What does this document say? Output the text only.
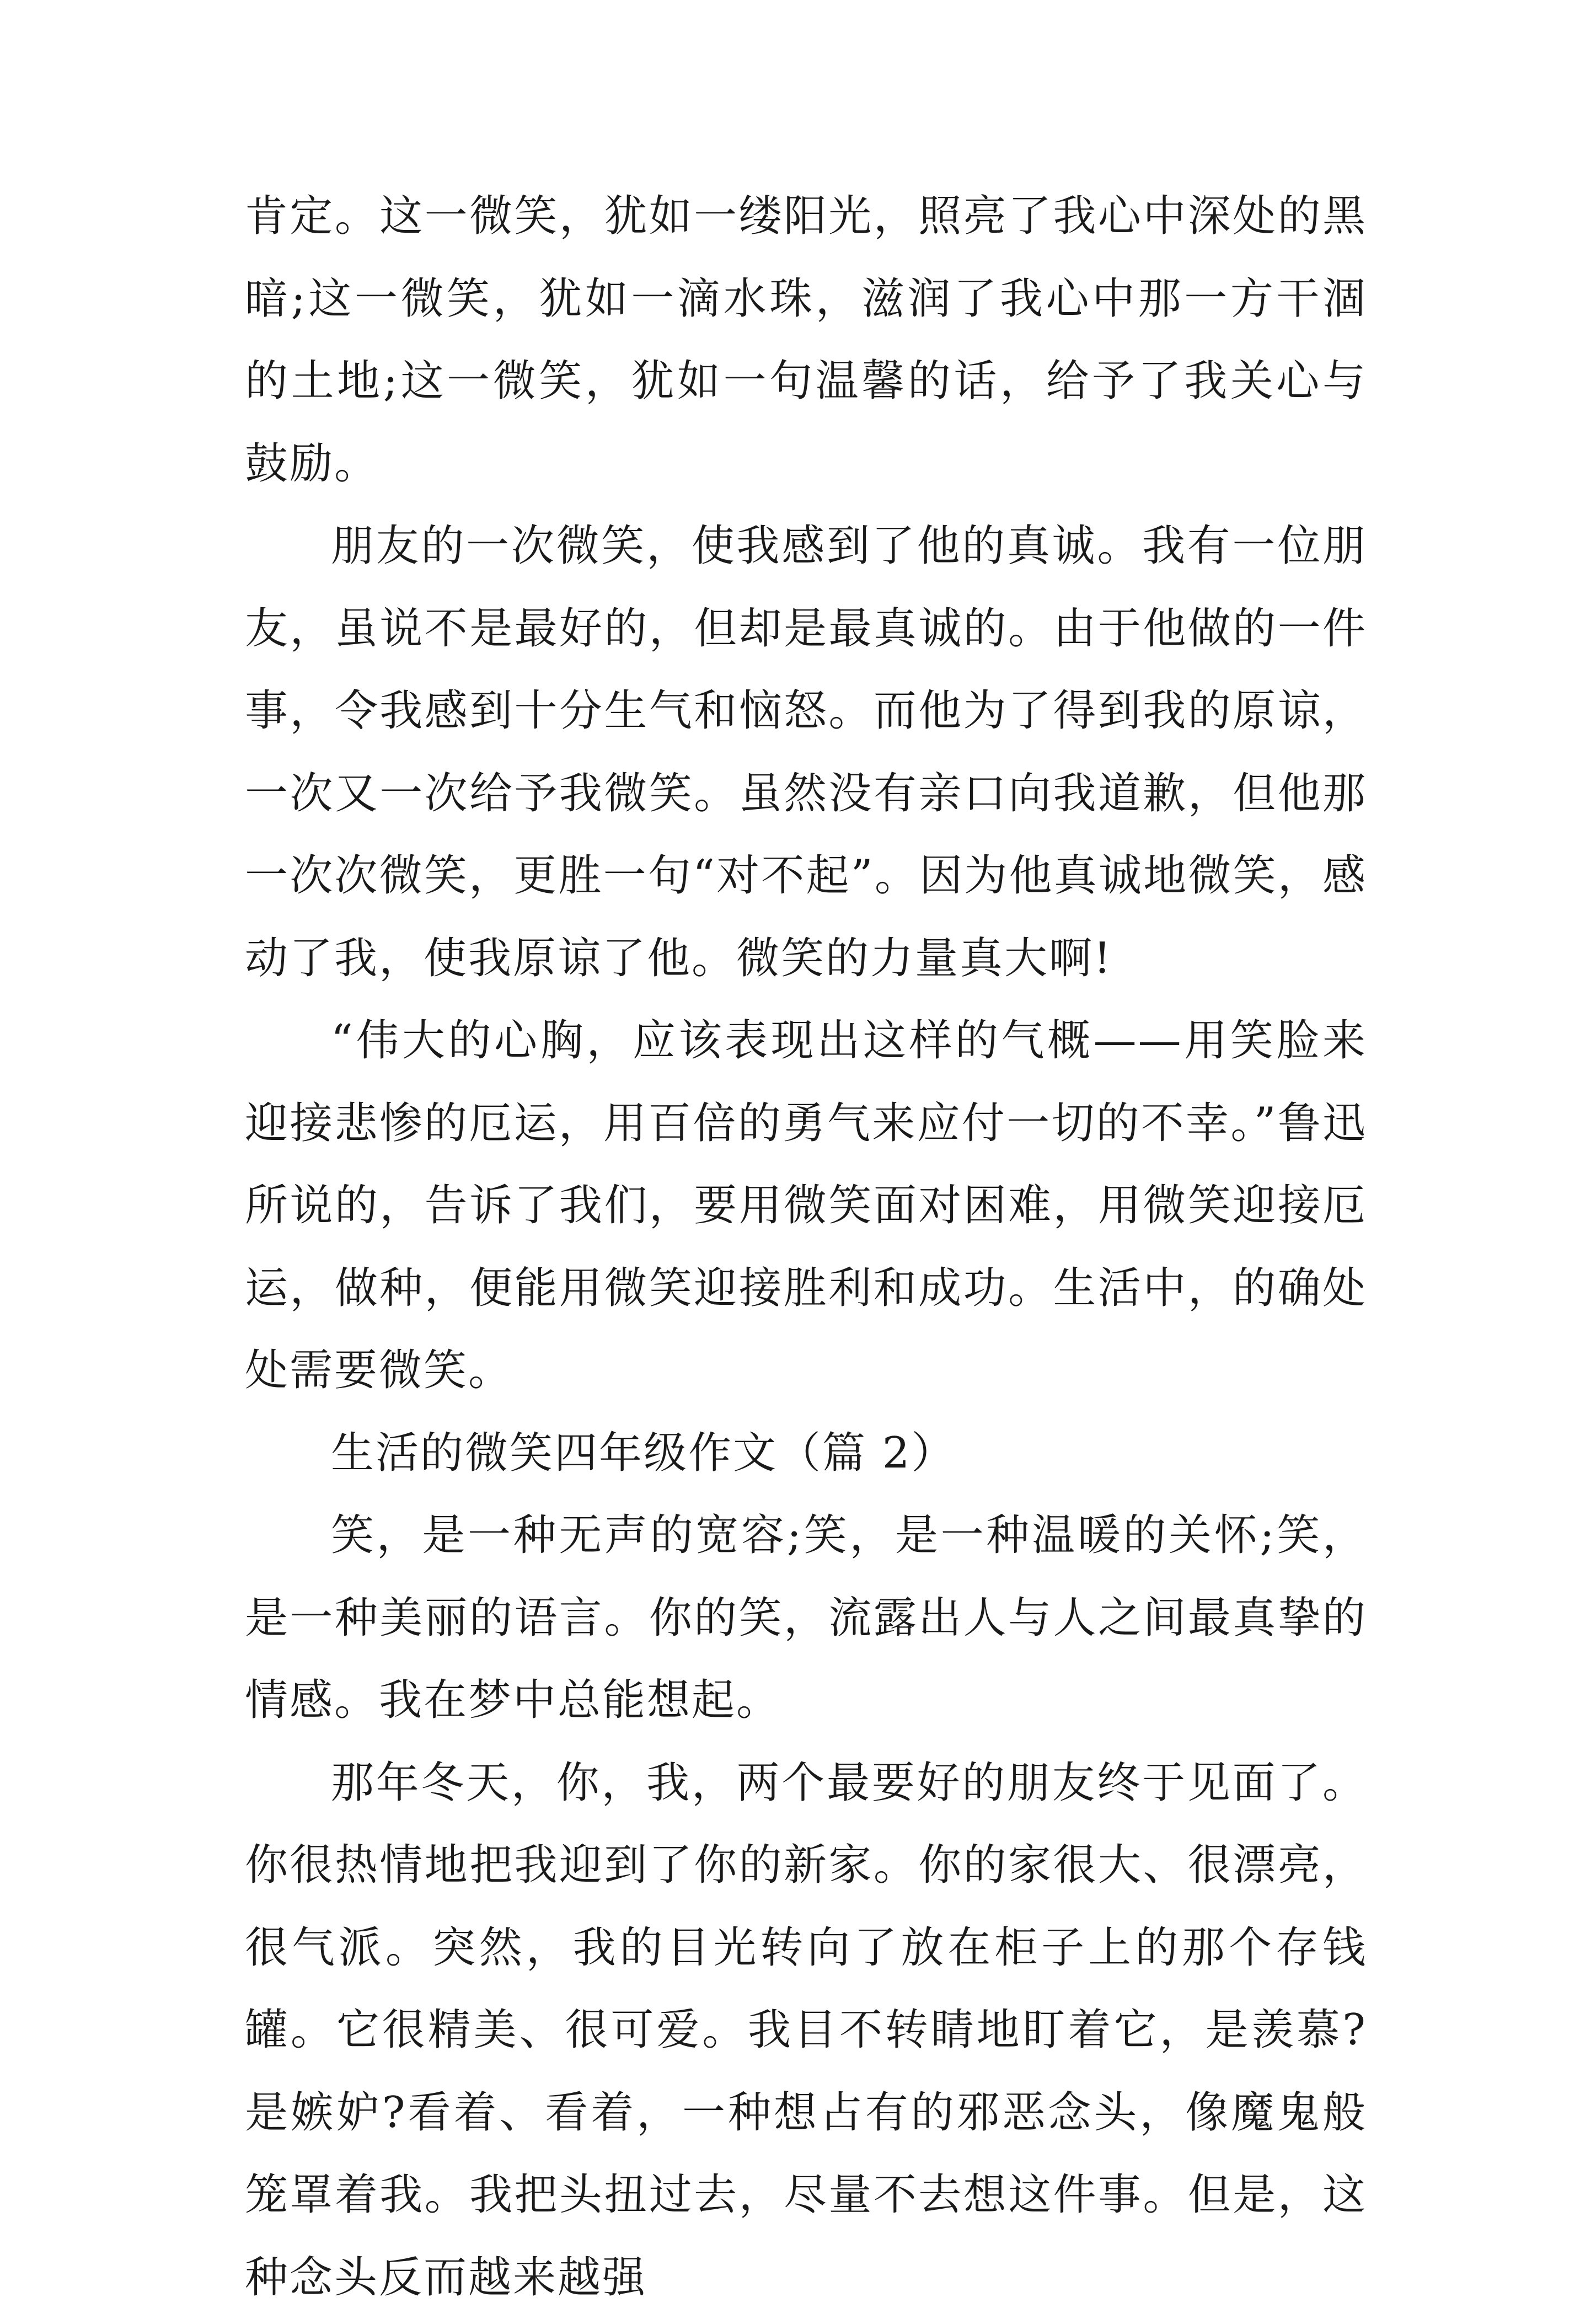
肯定。这一微笑，犹如一缕阳光，照亮了我心中深处的黑暗;这一微笑，犹如一滴水珠，滋润了我心中那一方干涸的土地;这一微笑，犹如一句温馨的话，给予了我关心与鼓励。

朋友的一次微笑，使我感到了他的真诚。我有一位朋友，虽说不是最好的，但却是最真诚的。由于他做的一件事，令我感到十分生气和恼怒。而他为了得到我的原谅，一次又一次给予我微笑。虽然没有亲口向我道歉，但他那一次次微笑，更胜一句“对不起”。因为他真诚地微笑，感动了我，使我原谅了他。微笑的力量真大啊!

“伟大的心胸，应该表现出这样的气概——用笑脸来迎接悲惨的厄运，用百倍的勇气来应付一切的不幸。”鲁迅所说的，告诉了我们，要用微笑面对困难，用微笑迎接厄运，做种，便能用微笑迎接胜利和成功。生活中，的确处处需要微笑。

生活的微笑四年级作文（篇 2）

笑，是一种无声的宽容;笑，是一种温暖的关怀;笑，是一种美丽的语言。你的笑，流露出人与人之间最真挚的情感。我在梦中总能想起。

那年冬天，你，我，两个最要好的朋友终于见面了。你很热情地把我迎到了你的新家。你的家很大、很漂亮，很气派。突然，我的目光转向了放在柜子上的那个存钱罐。它很精美、很可爱。我目不转睛地盯着它，是羡慕?是嫉妒?看着、看着，一种想占有的邪恶念头，像魔鬼般笼罩着我。我把头扭过去，尽量不去想这件事。但是，这种念头反而越来越强
